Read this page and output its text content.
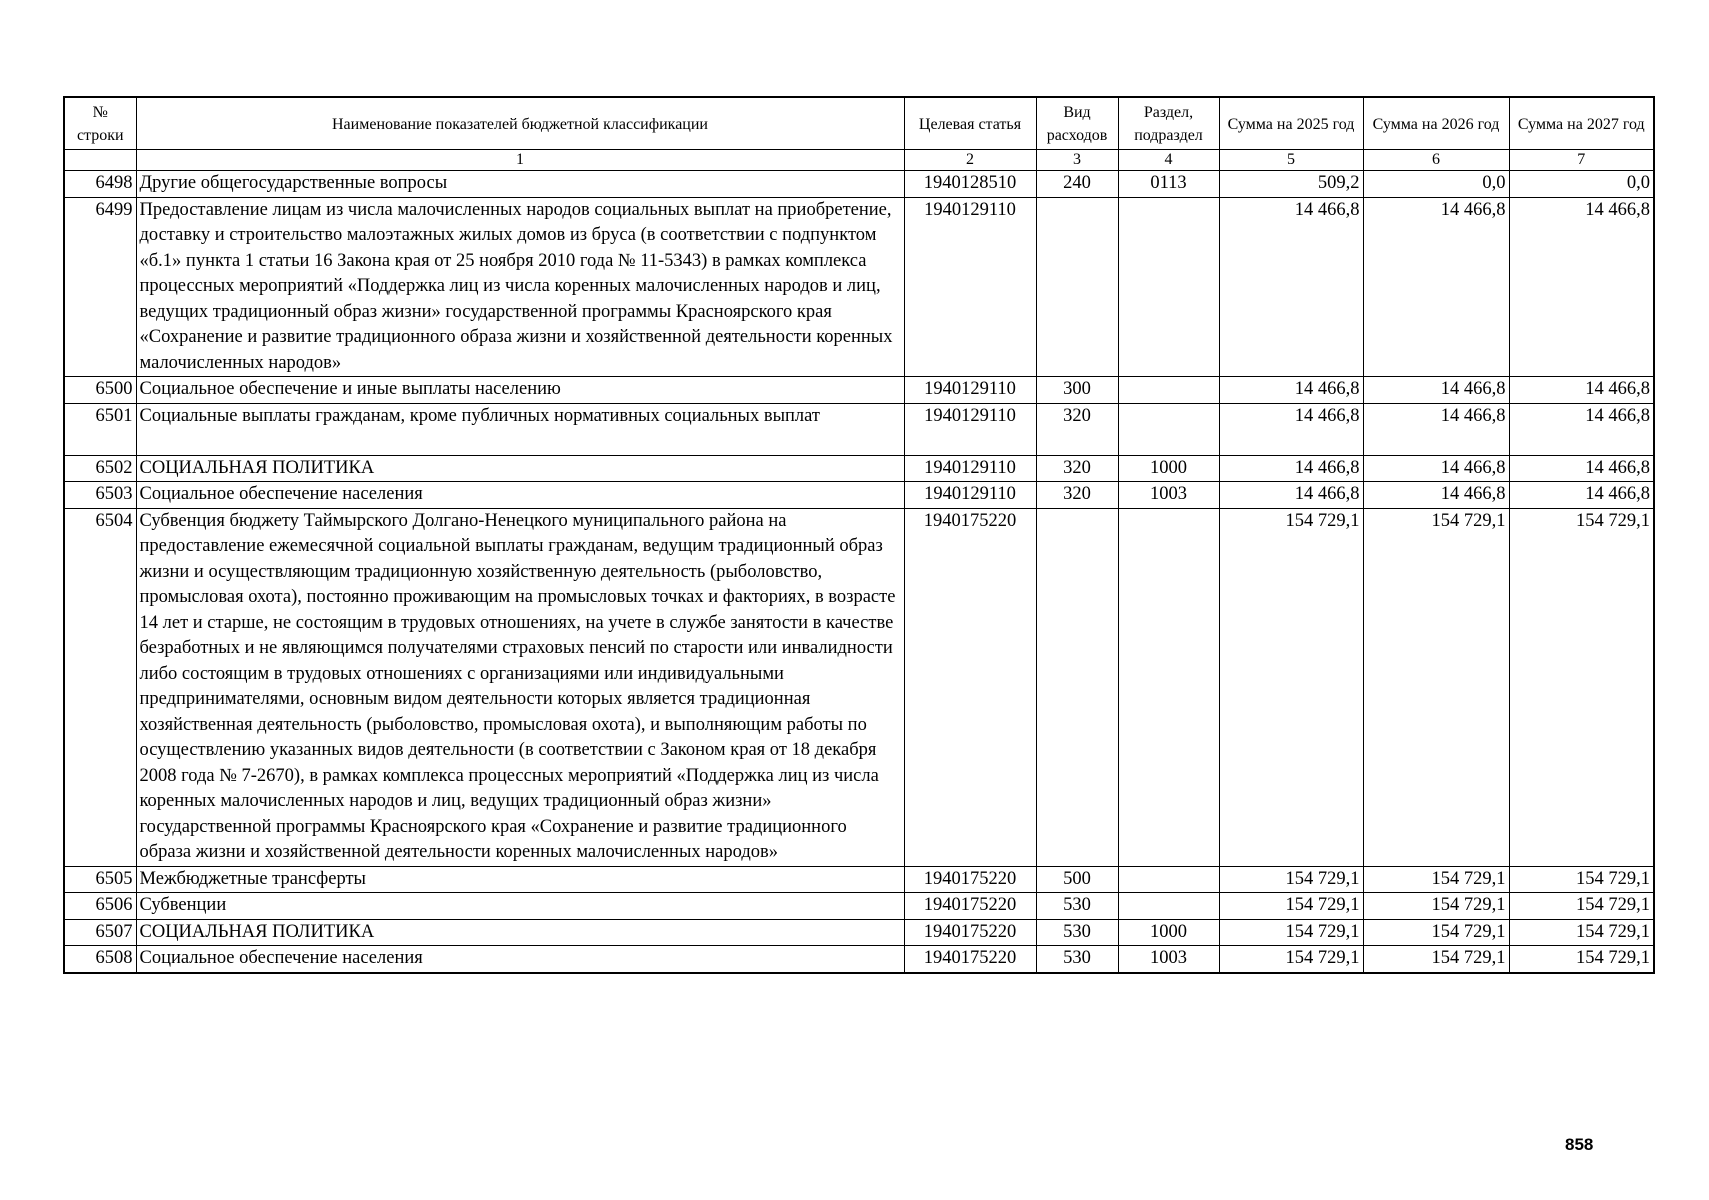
№ строки	Наименование показателей бюджетной классификации	Целевая статья	Вид расходов	Раздел, подраздел	Сумма на 2025 год	Сумма на 2026 год	Сумма на 2027 год
	1	2	3	4	5	6	7
6498	Другие общегосударственные вопросы	1940128510	240	0113	509,2	0,0	0,0
6499	Предоставление лицам из числа малочисленных народов социальных выплат на приобретение, доставку и строительство малоэтажных жилых домов из бруса (в соответствии с подпунктом «б.1» пункта 1 статьи 16 Закона края от 25 ноября 2010 года № 11-5343) в рамках комплекса процессных мероприятий «Поддержка лиц из числа коренных малочисленных народов и лиц, ведущих традиционный образ жизни» государственной программы Красноярского края «Сохранение и развитие традиционного образа жизни и хозяйственной деятельности коренных малочисленных народов»	1940129110			14 466,8	14 466,8	14 466,8
6500	Социальное обеспечение и иные выплаты населению	1940129110	300		14 466,8	14 466,8	14 466,8
6501	Социальные выплаты гражданам, кроме публичных нормативных социальных выплат	1940129110	320		14 466,8	14 466,8	14 466,8
6502	СОЦИАЛЬНАЯ ПОЛИТИКА	1940129110	320	1000	14 466,8	14 466,8	14 466,8
6503	Социальное обеспечение населения	1940129110	320	1003	14 466,8	14 466,8	14 466,8
6504	Субвенция бюджету Таймырского Долгано-Ненецкого муниципального района на предоставление ежемесячной социальной выплаты гражданам, ведущим традиционный образ жизни и осуществляющим традиционную хозяйственную деятельность (рыболовство, промысловая охота), постоянно проживающим на промысловых точках и факториях, в возрасте 14 лет и старше, не состоящим в трудовых отношениях, на учете в службе занятости в качестве безработных и не являющимся получателями страховых пенсий по старости или инвалидности либо состоящим в трудовых отношениях с организациями или индивидуальными предпринимателями, основным видом деятельности которых является традиционная хозяйственная деятельность (рыболовство, промысловая охота), и выполняющим работы по осуществлению указанных видов деятельности (в соответствии с Законом края от 18 декабря 2008 года № 7-2670), в рамках комплекса процессных мероприятий «Поддержка лиц из числа коренных малочисленных народов и лиц, ведущих традиционный образ жизни» государственной программы Красноярского края «Сохранение и развитие традиционного образа жизни и хозяйственной деятельности коренных малочисленных народов»	1940175220			154 729,1	154 729,1	154 729,1
6505	Межбюджетные трансферты	1940175220	500		154 729,1	154 729,1	154 729,1
6506	Субвенции	1940175220	530		154 729,1	154 729,1	154 729,1
6507	СОЦИАЛЬНАЯ ПОЛИТИКА	1940175220	530	1000	154 729,1	154 729,1	154 729,1
6508	Социальное обеспечение населения	1940175220	530	1003	154 729,1	154 729,1	154 729,1
858
